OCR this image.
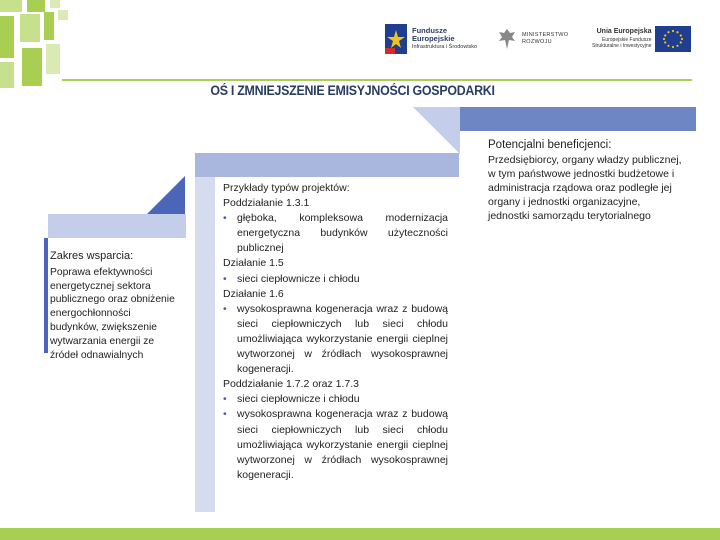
Fundusze Europejskie
Infrastruktura i Środowisko
MINISTERSTWO
ROZWOJU
Unia Europejska
Europejskie Fundusze
Strukturalne i Inwestycyjne
OŚ I ZMNIEJSZENIE EMISYJNOŚCI GOSPODARKI
Zakres wsparcia:
Poprawa efektywności energetycznej sektora publicznego oraz obniżenie energochłonności budynków, zwiększenie wytwarzania energii ze źródeł odnawialnych
Przykłady typów projektów:
Poddziałanie 1.3.1
• głęboka, kompleksowa modernizacja energetyczna budynków użyteczności publicznej
Działanie 1.5
• sieci ciepłownicze i chłodu
Działanie 1.6
• wysokosprawna kogeneracja wraz z budową sieci ciepłowniczych lub sieci chłodu umożliwiająca wykorzystanie energii cieplnej wytworzonej w źródłach wysokosprawnej kogeneracji.
Poddziałanie 1.7.2 oraz 1.7.3
• sieci ciepłownicze i chłodu
• wysokosprawna kogeneracja wraz z budową sieci ciepłowniczych lub sieci chłodu umożliwiająca wykorzystanie energii cieplnej wytworzonej w źródłach wysokosprawnej kogeneracji.
Potencjalni beneficjenci:
Przedsiębiorcy, organy władzy publicznej, w tym państwowe jednostki budżetowe i administracja rządowa oraz podległe jej organy i jednostki organizacyjne, jednostki samorządu terytorialnego
